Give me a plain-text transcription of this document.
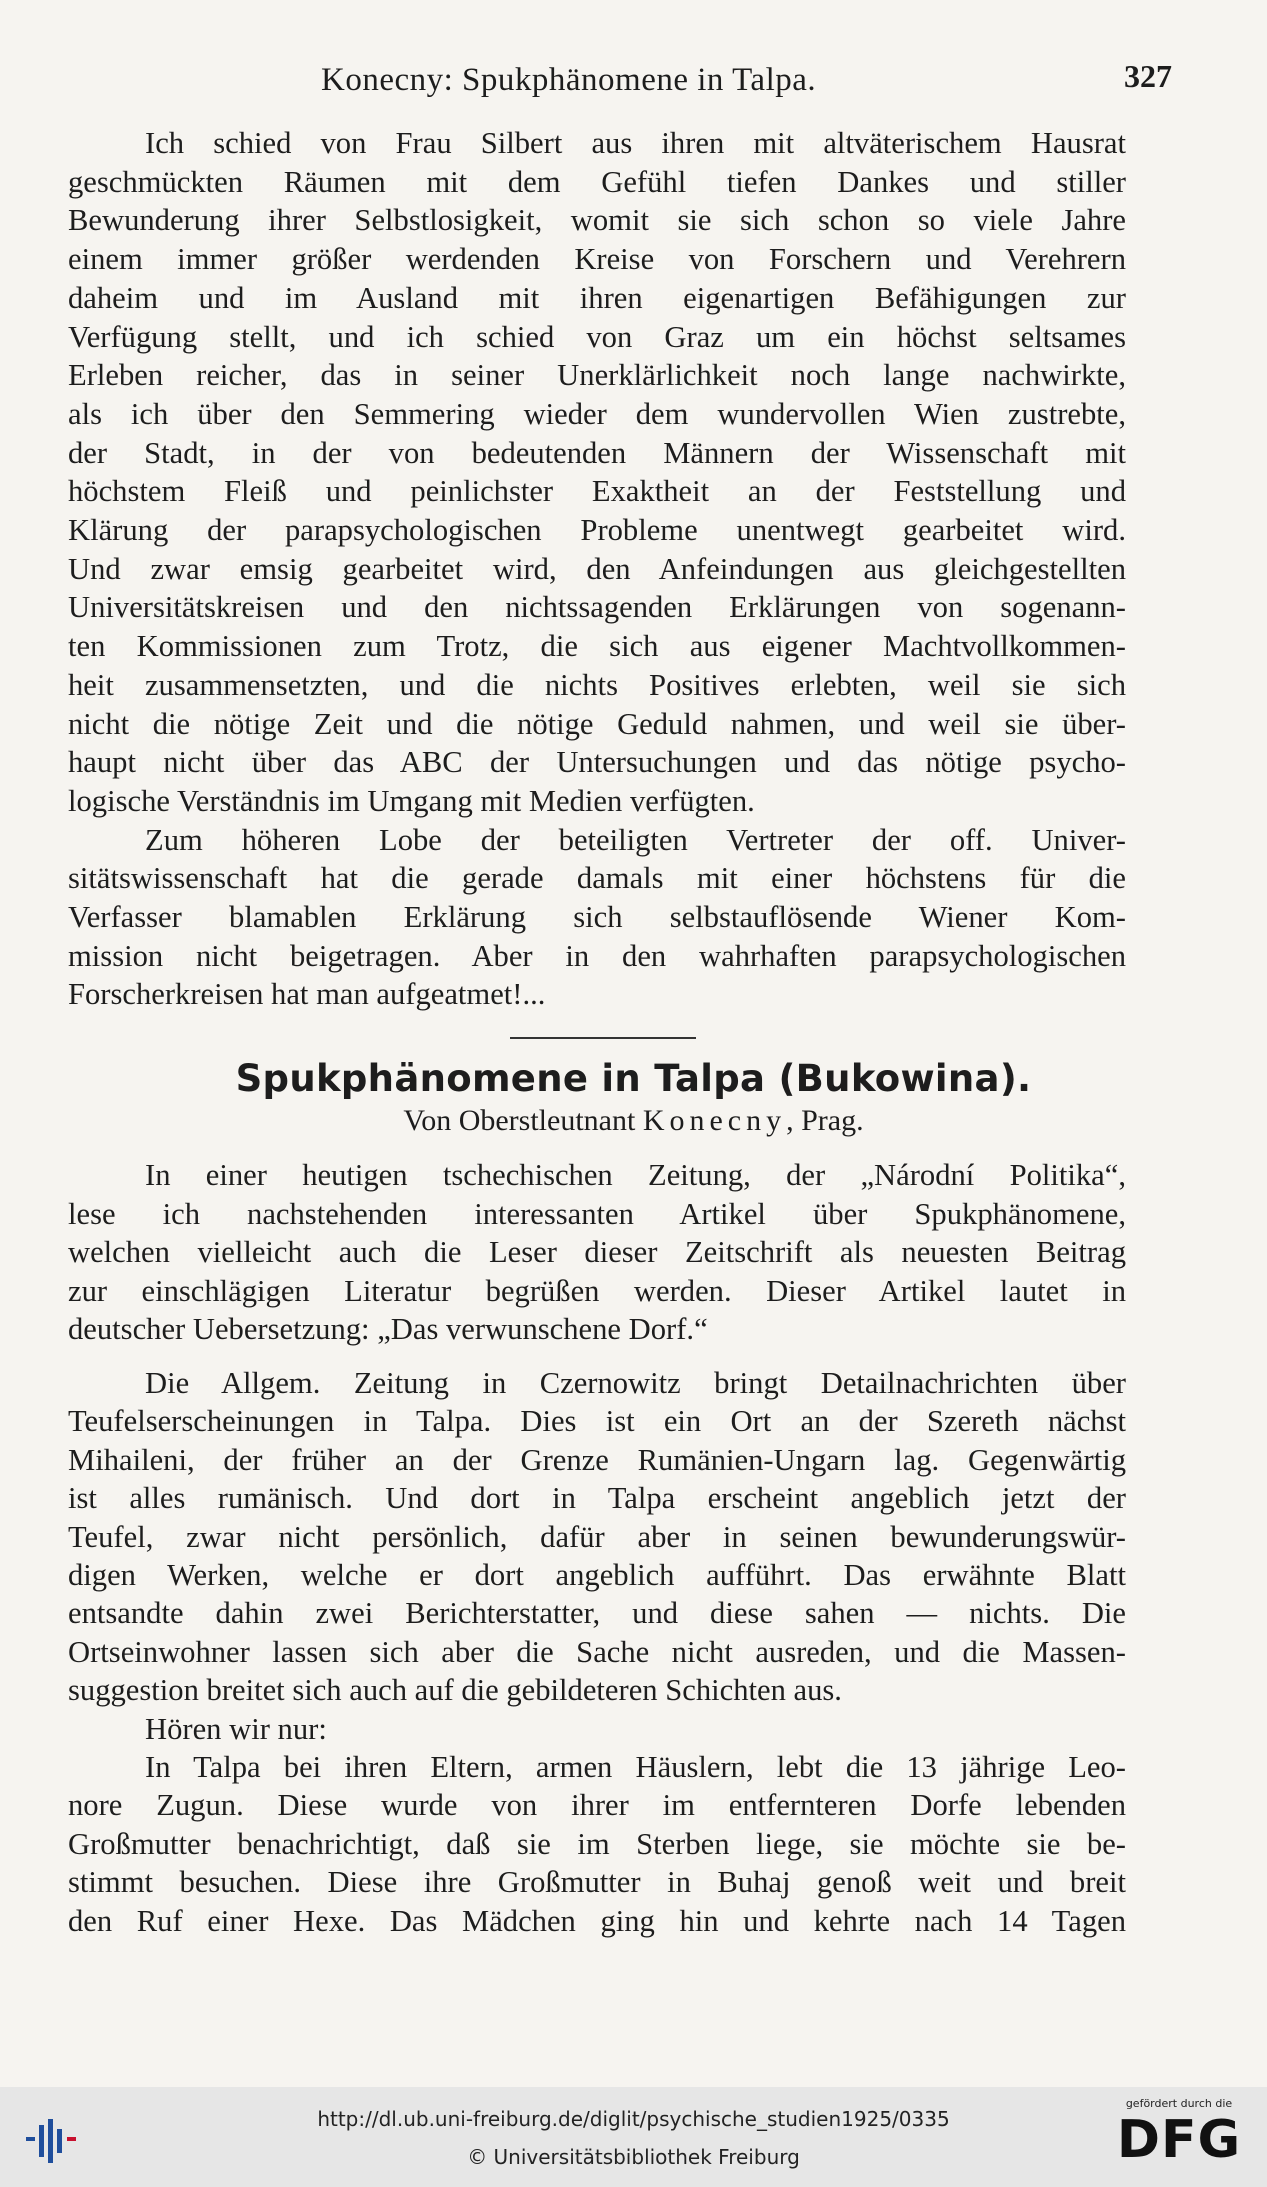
Konecny: Spukphänomene in Talpa.	327
Ich schied von Frau Silbert aus ihren mit altväterischem Hausrat
geschmückten Räumen mit dem Gefühl tiefen Dankes und stiller
Bewunderung ihrer Selbstlosigkeit, womit sie sich schon so viele Jahre
einem immer größer werdenden Kreise von Forschern und Verehrern
daheim und im Ausland mit ihren eigenartigen Befähigungen zur
Verfügung stellt, und ich schied von Graz um ein höchst seltsames
Erleben reicher, das in seiner Unerklärlichkeit noch lange nachwirkte,
als ich über den Semmering wieder dem wundervollen Wien zustrebte,
der Stadt, in der von bedeutenden Männern der Wissenschaft mit
höchstem Fleiß und peinlichster Exaktheit an der Feststellung und
Klärung der parapsychologischen Probleme unentwegt gearbeitet wird.
Und zwar emsig gearbeitet wird, den Anfeindungen aus gleichgestellten
Universitätskreisen und den nichtssagenden Erklärungen von sogenann-
ten Kommissionen zum Trotz, die sich aus eigener Machtvollkommen-
heit zusammensetzten, und die nichts Positives erlebten, weil sie sich
nicht die nötige Zeit und die nötige Geduld nahmen, und weil sie über-
haupt nicht über das ABC der Untersuchungen und das nötige psycho-
logische Verständnis im Umgang mit Medien verfügten.
Zum höheren Lobe der beteiligten Vertreter der off. Univer-
sitätswissenschaft hat die gerade damals mit einer höchstens für die
Verfasser blamablen Erklärung sich selbstauflösende Wiener Kom-
mission nicht beigetragen. Aber in den wahrhaften parapsychologischen
Forscherkreisen hat man aufgeatmet!...
Spukphänomene in Talpa (Bukowina).
Von Oberstleutnant Konecny, Prag.
In einer heutigen tschechischen Zeitung, der „Národní Politika“,
lese ich nachstehenden interessanten Artikel über Spukphänomene,
welchen vielleicht auch die Leser dieser Zeitschrift als neuesten Beitrag
zur einschlägigen Literatur begrüßen werden. Dieser Artikel lautet in
deutscher Uebersetzung: „Das verwunschene Dorf.“
Die Allgem. Zeitung in Czernowitz bringt Detailnachrichten über
Teufelserscheinungen in Talpa. Dies ist ein Ort an der Szereth nächst
Mihaileni, der früher an der Grenze Rumänien-Ungarn lag. Gegenwärtig
ist alles rumänisch. Und dort in Talpa erscheint angeblich jetzt der
Teufel, zwar nicht persönlich, dafür aber in seinen bewunderungswür-
digen Werken, welche er dort angeblich aufführt. Das erwähnte Blatt
entsandte dahin zwei Berichterstatter, und diese sahen — nichts. Die
Ortseinwohner lassen sich aber die Sache nicht ausreden, und die Massen-
suggestion breitet sich auch auf die gebildeteren Schichten aus.
Hören wir nur:
In Talpa bei ihren Eltern, armen Häuslern, lebt die 13 jährige Leo-
nore Zugun. Diese wurde von ihrer im entfernteren Dorfe lebenden
Großmutter benachrichtigt, daß sie im Sterben liege, sie möchte sie be-
stimmt besuchen. Diese ihre Großmutter in Buhaj genoß weit und breit
den Ruf einer Hexe. Das Mädchen ging hin und kehrte nach 14 Tagen
http://dl.ub.uni-freiburg.de/diglit/psychische_studien1925/0335
© Universitätsbibliothek Freiburg
gefördert durch die
DFG
